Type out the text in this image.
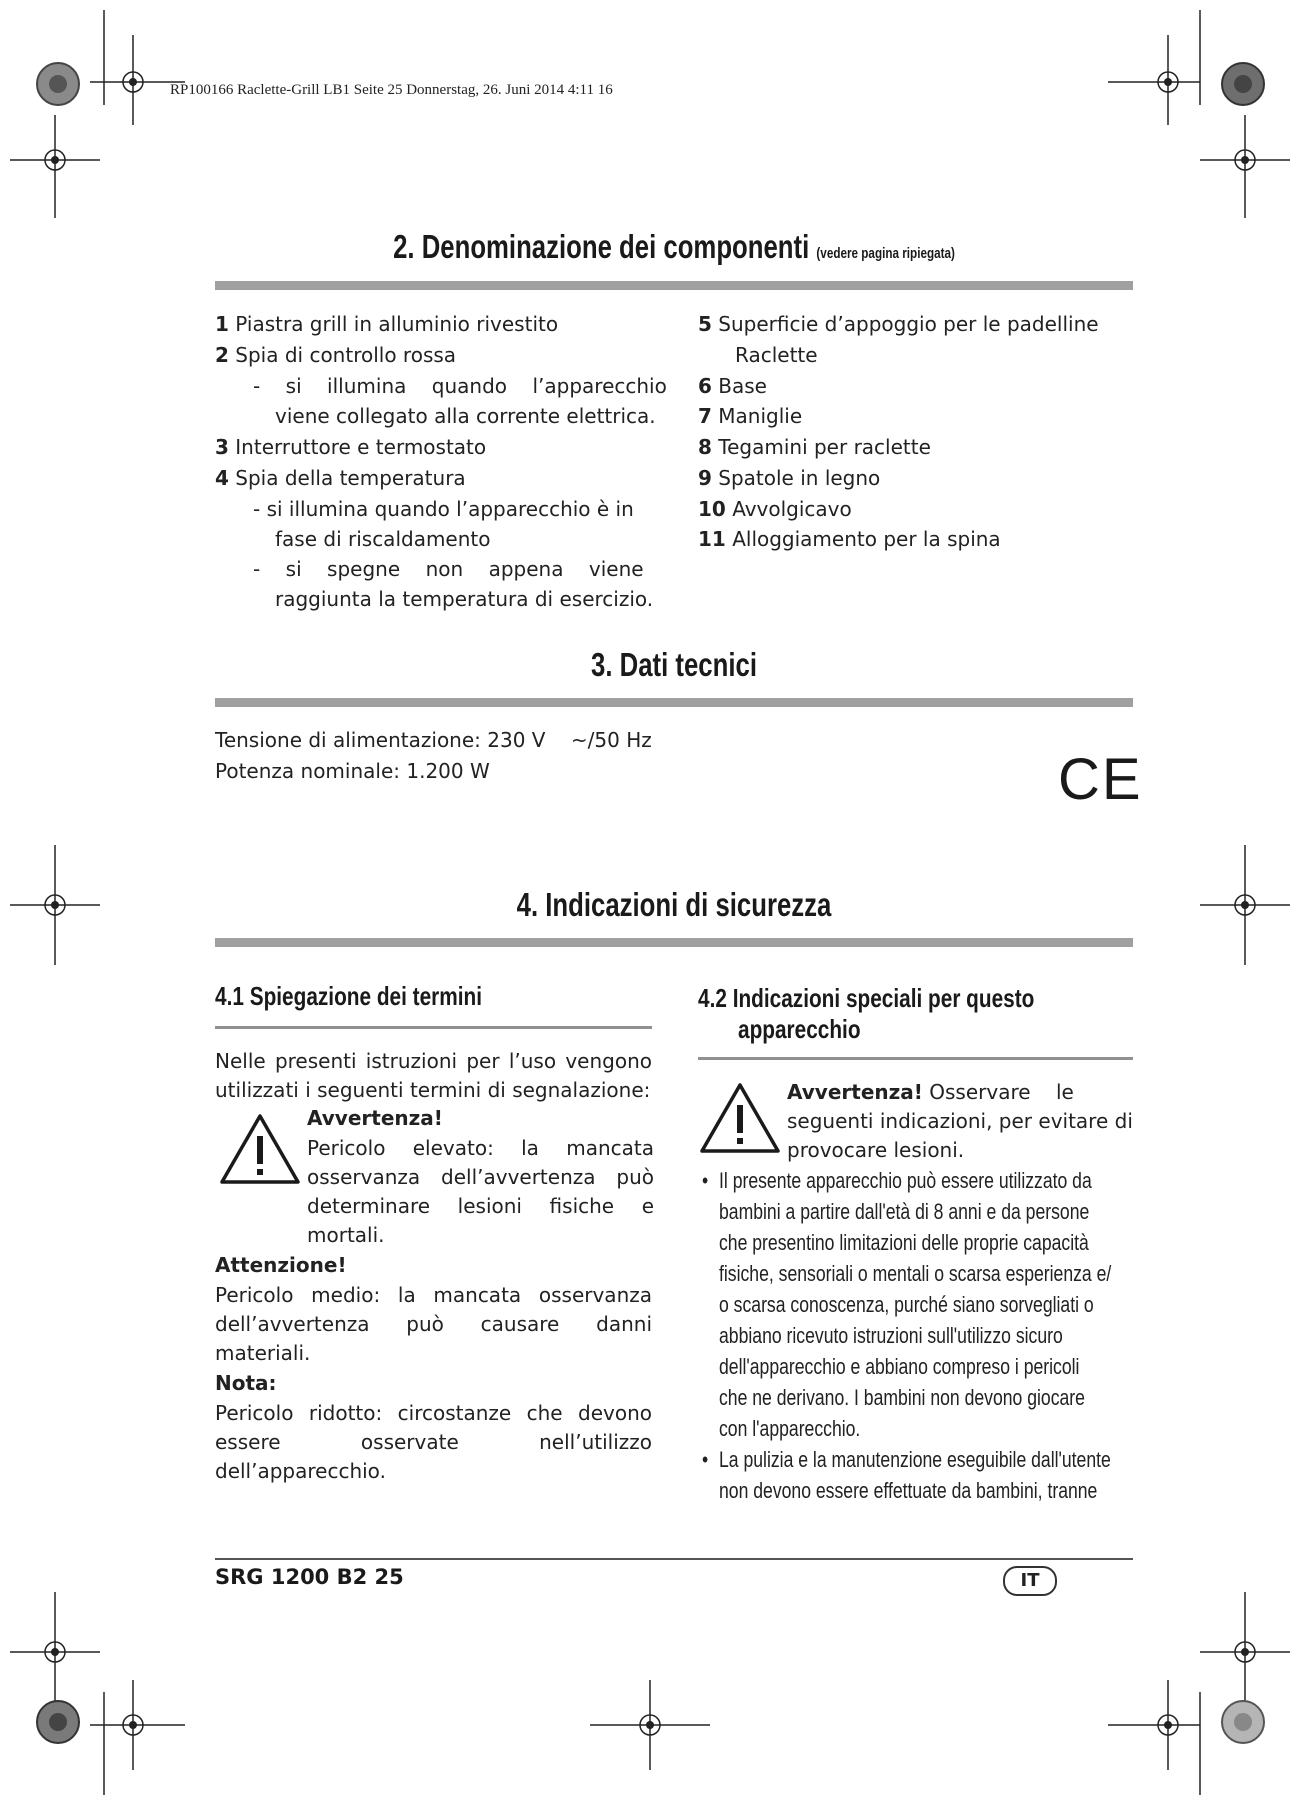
RP100166 Raclette-Grill LB1 Seite 25 Donnerstag, 26. Juni 2014 4:11 16
2. Denominazione dei componenti (vedere pagina ripiegata)
1 Piastra grill in alluminio rivestito
2 Spia di controllo rossa
-    si    illumina    quando    l’apparecchio
viene collegato alla corrente elettrica.
3 Interruttore e termostato
4 Spia della temperatura
- si illumina quando l’apparecchio è in
fase di riscaldamento
-    si    spegne    non    appena    viene
raggiunta la temperatura di esercizio.
5 Superficie d’appoggio per le padelline
Raclette
6 Base
7 Maniglie
8 Tegamini per raclette
9 Spatole in legno
10 Avvolgicavo
11 Alloggiamento per la spina
3. Dati tecnici
Tensione di alimentazione: 230 V    ~/50 Hz
Potenza nominale: 1.200 W	CE
4. Indicazioni di sicurezza
4.1 Spiegazione dei termini
Nelle presenti istruzioni per l’uso vengono
utilizzati i seguenti termini di segnalazione:
Avvertenza!
Pericolo elevato: la mancata
osservanza dell’avvertenza può
determinare lesioni fisiche e
mortali.
Attenzione!
Pericolo medio: la mancata osservanza
dell’avvertenza può causare danni
materiali.
Nota:
Pericolo ridotto: circostanze che devono
essere osservate nell’utilizzo
dell’apparecchio.
4.2 Indicazioni speciali per questo
apparecchio
Avvertenza! Osservare    le
seguenti indicazioni, per evitare di
provocare lesioni.
• Il presente apparecchio può essere utilizzato da
bambini a partire dall'età di 8 anni e da persone
che presentino limitazioni delle proprie capacità
fisiche, sensoriali o mentali o scarsa esperienza e/
o scarsa conoscenza, purché siano sorvegliati o
abbiano ricevuto istruzioni sull'utilizzo sicuro
dell'apparecchio e abbiano compreso i pericoli
che ne derivano. I bambini non devono giocare
con l'apparecchio.
• La pulizia e la manutenzione eseguibile dall'utente
non devono essere effettuate da bambini, tranne
SRG 1200 B2 25	IT
